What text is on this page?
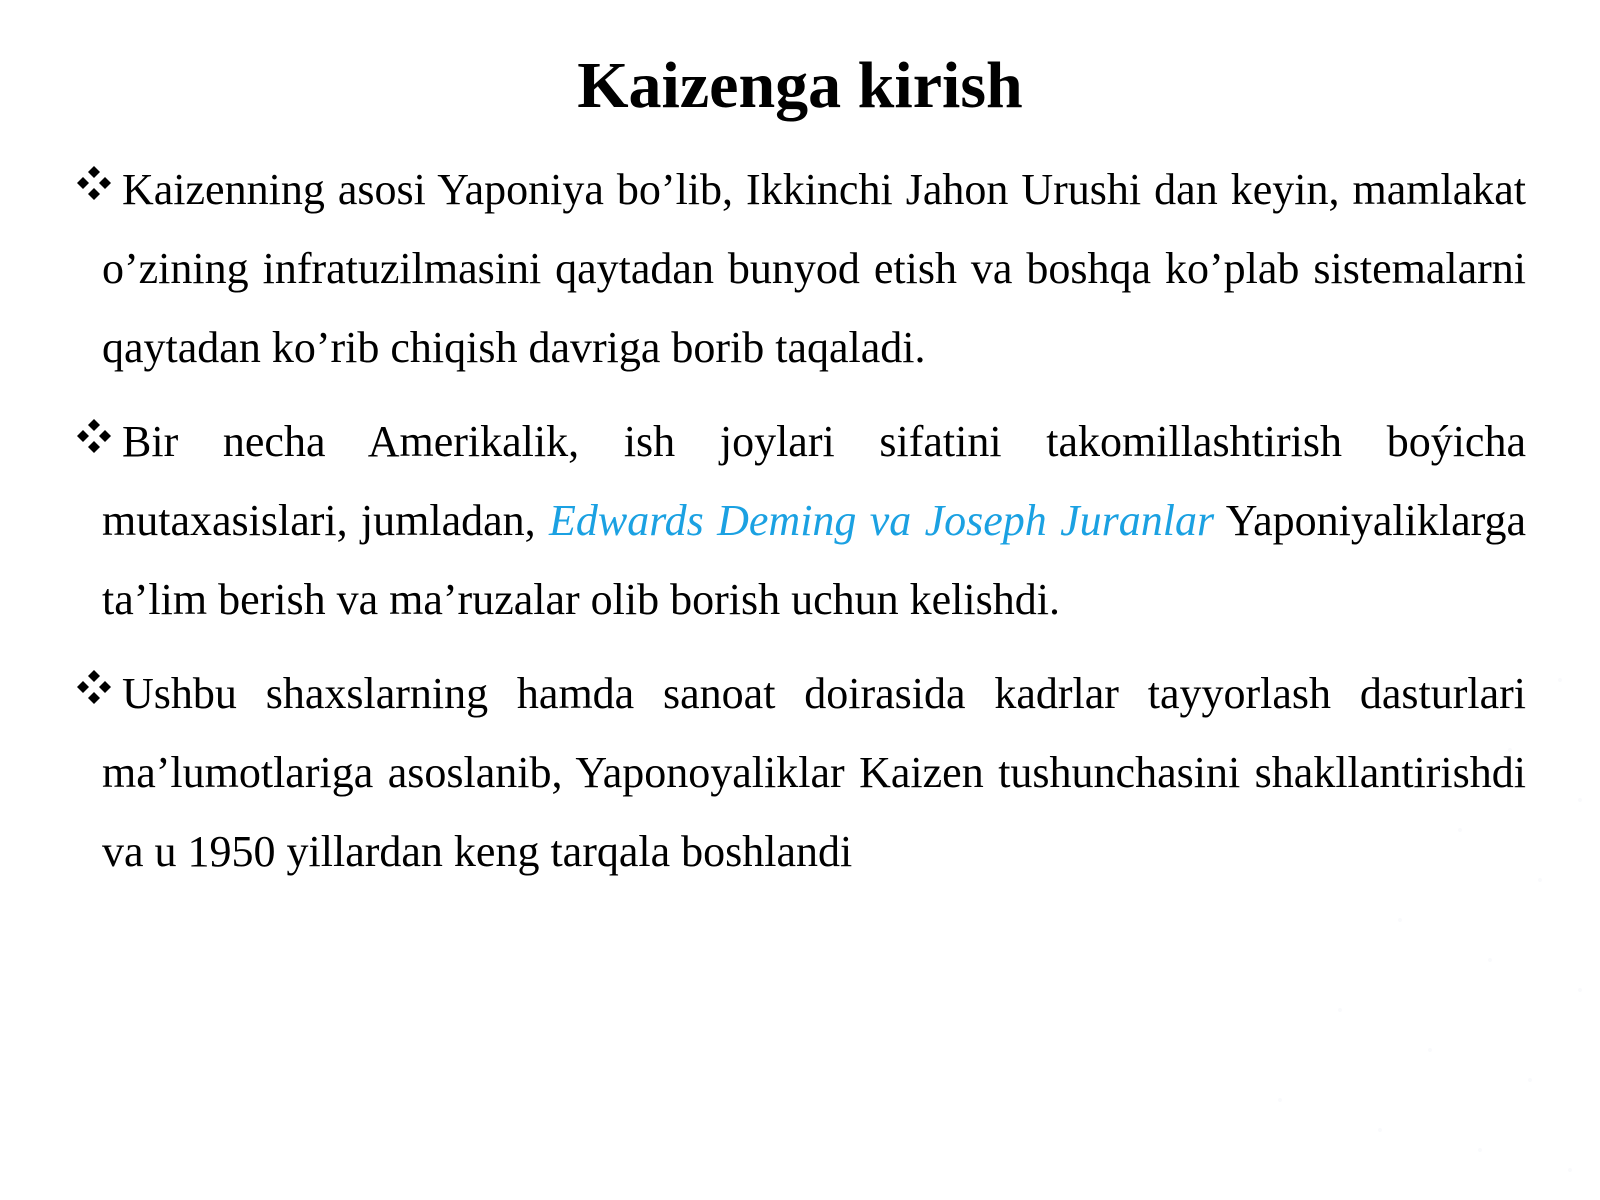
Kaizenga kirish
Kaizenning asosi Yaponiya bo’lib, Ikkinchi Jahon Urushi dan keyin, mamlakat o’zining infratuzilmasini qaytadan bunyod etish va boshqa ko’plab sistemalarni qaytadan ko’rib chiqish davriga borib taqaladi.
Bir necha Amerikalik, ish joylari sifatini takomillashtirish boýicha mutaxasislari, jumladan, Edwards Deming va Joseph Juranlar Yaponiyaliklarga ta’lim berish va ma’ruzalar olib borish uchun kelishdi.
Ushbu shaxslarning hamda sanoat doirasida kadrlar tayyorlash dasturlari ma’lumotlariga asoslanib, Yaponoyaliklar Kaizen tushunchasini shakllantirishdi va u 1950 yillardan keng tarqala boshlandi
